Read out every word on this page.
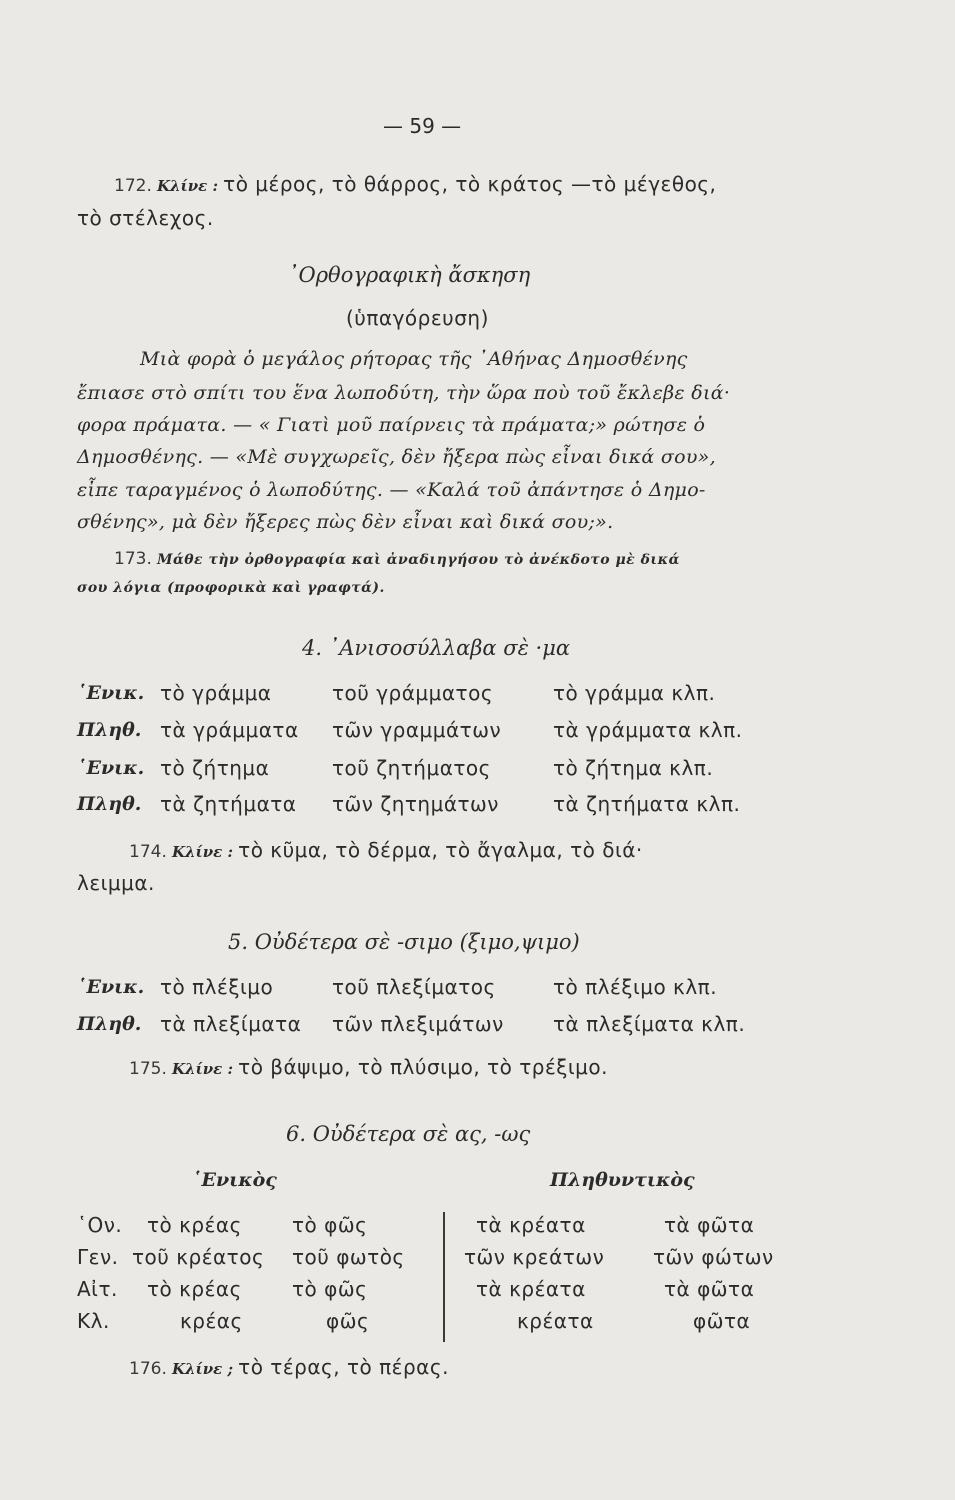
— 59 —
172. Κλίνε : τὸ μέρος, τὸ θάρρος, τὸ κράτος —τὸ μέγεθος,
τὸ στέλεχος.
᾿Ορθογραφικὴ ἄσκηση
(ὑπαγόρευση)
Μιὰ φορὰ ὁ μεγάλος ρήτορας τῆς ᾿Αθήνας Δημοσθένης
ἔπιασε στὸ σπίτι του ἕνα λωποδύτη, τὴν ὥρα ποὺ τοῦ ἔκλεβε διά·
φορα πράματα. — « Γιατὶ μοῦ παίρνεις τὰ πράματα;» ρώτησε ὁ
Δημοσθένης. — «Μὲ συγχωρεῖς, δὲν ἤξερα πὼς εἶναι δικά σου»,
εἶπε ταραγμένος ὁ λωποδύτης. — «Καλά τοῦ ἀπάντησε ὁ Δημο-
σθένης», μὰ δὲν ἤξερες πὼς δὲν εἶναι καὶ δικά σου;».
173. Μάθε τὴν ὀρθογραφία καὶ ἀναδιηγήσου τὸ ἀνέκδοτο μὲ δικά
σου λόγια (προφορικὰ καὶ γραφτά).
4. ᾿Ανισοσύλλαβα σὲ ·μα
῾Ενικ. τὸ γράμμα	τοῦ γράμματος	τὸ γράμμα κλπ.
Πληθ. τὰ γράμματα τῶν γραμμάτων	τὰ γράμματα κλπ.
῾Ενικ. τὸ ζήτημα	τοῦ ζητήματος	τὸ ζήτημα κλπ.
Πληθ. τὰ ζητήματα τῶν ζητημάτων	τὰ ζητήματα κλπ.
174. Κλίνε : τὸ κῦμα, τὸ δέρμα, τὸ ἄγαλμα, τὸ διά·
λειμμα.
5. Οὐδέτερα σὲ -σιμο (ξιμο,ψιμο)
῾Ενικ. τὸ πλέξιμο	τοῦ πλεξίματος	τὸ πλέξιμο κλπ.
Πληθ. τὰ πλεξίματα τῶν πλεξιμάτων τὰ πλεξίματα κλπ.
175. Κλίνε : τὸ βάψιμο, τὸ πλύσιμο, τὸ τρέξιμο.
6. Οὐδέτερα σὲ ας, -ως
῾Ενικὸς	Πληθυντικὸς
῾Ον. τὸ κρέας	τὸ φῶς	τὰ κρέατα	τὰ φῶτα
Γεν. τοῦ κρέατος τοῦ φωτὸς	τῶν κρεάτων τῶν φώτων
Αἰτ. τὸ κρέας	τὸ φῶς	τὰ κρέατα	τὰ φῶτα
Κλ.	κρέας	φῶς	κρέατα	φῶτα
176. Κλίνε ; τὸ τέρας, τὸ πέρας.
